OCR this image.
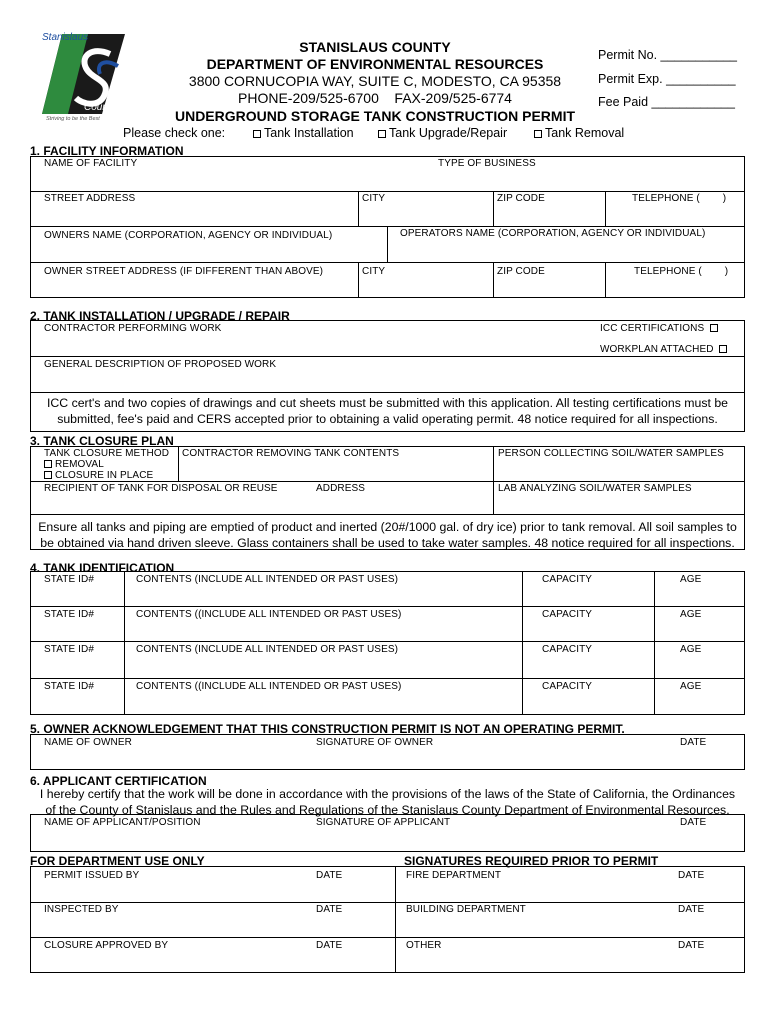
Stanislaus
County
Striving to be the Best
STANISLAUS COUNTY
DEPARTMENT OF ENVIRONMENTAL RESOURCES
3800 CORNUCOPIA WAY, SUITE C, MODESTO, CA 95358
PHONE-209/525-6700    FAX-209/525-6774
Permit No. ___________
Permit Exp. __________
Fee Paid ____________
UNDERGROUND STORAGE TANK CONSTRUCTION PERMIT
Please check one:	Tank Installation	Tank Upgrade/Repair	Tank Removal
1. FACILITY INFORMATION
NAME OF FACILITY	TYPE OF BUSINESS
STREET ADDRESS	CITY	ZIP CODE	TELEPHONE (        )
OWNERS NAME (CORPORATION, AGENCY OR INDIVIDUAL)	OPERATORS NAME (CORPORATION, AGENCY OR INDIVIDUAL)
OWNER STREET ADDRESS (IF DIFFERENT THAN ABOVE)	CITY	ZIP CODE	TELEPHONE (        )
2. TANK INSTALLATION / UPGRADE / REPAIR
CONTRACTOR PERFORMING WORK	ICC CERTIFICATIONS
WORKPLAN ATTACHED
GENERAL DESCRIPTION OF PROPOSED WORK
ICC cert's and two copies of drawings and cut sheets must be submitted with this application. All testing certifications must be
submitted, fee's paid and CERS accepted prior to obtaining a valid operating permit. 48 notice required for all inspections.
3. TANK CLOSURE PLAN
TANK CLOSURE METHOD
REMOVAL
CLOSURE IN PLACE
CONTRACTOR REMOVING TANK CONTENTS	PERSON COLLECTING SOIL/WATER SAMPLES
RECIPIENT OF TANK FOR DISPOSAL OR REUSE	ADDRESS	LAB ANALYZING SOIL/WATER SAMPLES
Ensure all tanks and piping are emptied of product and inerted (20#/1000 gal. of dry ice) prior to tank removal. All soil samples to
be obtained via hand driven sleeve. Glass containers shall be used to take water samples. 48 notice required for all inspections.
4. TANK IDENTIFICATION
STATE ID#	CONTENTS (INCLUDE ALL INTENDED OR PAST USES)	CAPACITY	AGE
STATE ID#	CONTENTS ((INCLUDE ALL INTENDED OR PAST USES)	CAPACITY	AGE
STATE ID#	CONTENTS (INCLUDE ALL INTENDED OR PAST USES)	CAPACITY	AGE
STATE ID#	CONTENTS ((INCLUDE ALL INTENDED OR PAST USES)	CAPACITY	AGE
5. OWNER ACKNOWLEDGEMENT THAT THIS CONSTRUCTION PERMIT IS NOT AN OPERATING PERMIT.
NAME OF OWNER	SIGNATURE OF OWNER	DATE
6. APPLICANT CERTIFICATION
I hereby certify that the work will be done in accordance with the provisions of the laws of the State of California, the Ordinances
of the County of Stanislaus and the Rules and Regulations of the Stanislaus County Department of Environmental Resources.
NAME OF APPLICANT/POSITION	SIGNATURE OF APPLICANT	DATE
FOR DEPARTMENT USE ONLY	SIGNATURES REQUIRED PRIOR TO PERMIT
PERMIT ISSUED BY	DATE	FIRE DEPARTMENT	DATE
INSPECTED BY	DATE	BUILDING DEPARTMENT	DATE
CLOSURE APPROVED BY	DATE	OTHER	DATE
